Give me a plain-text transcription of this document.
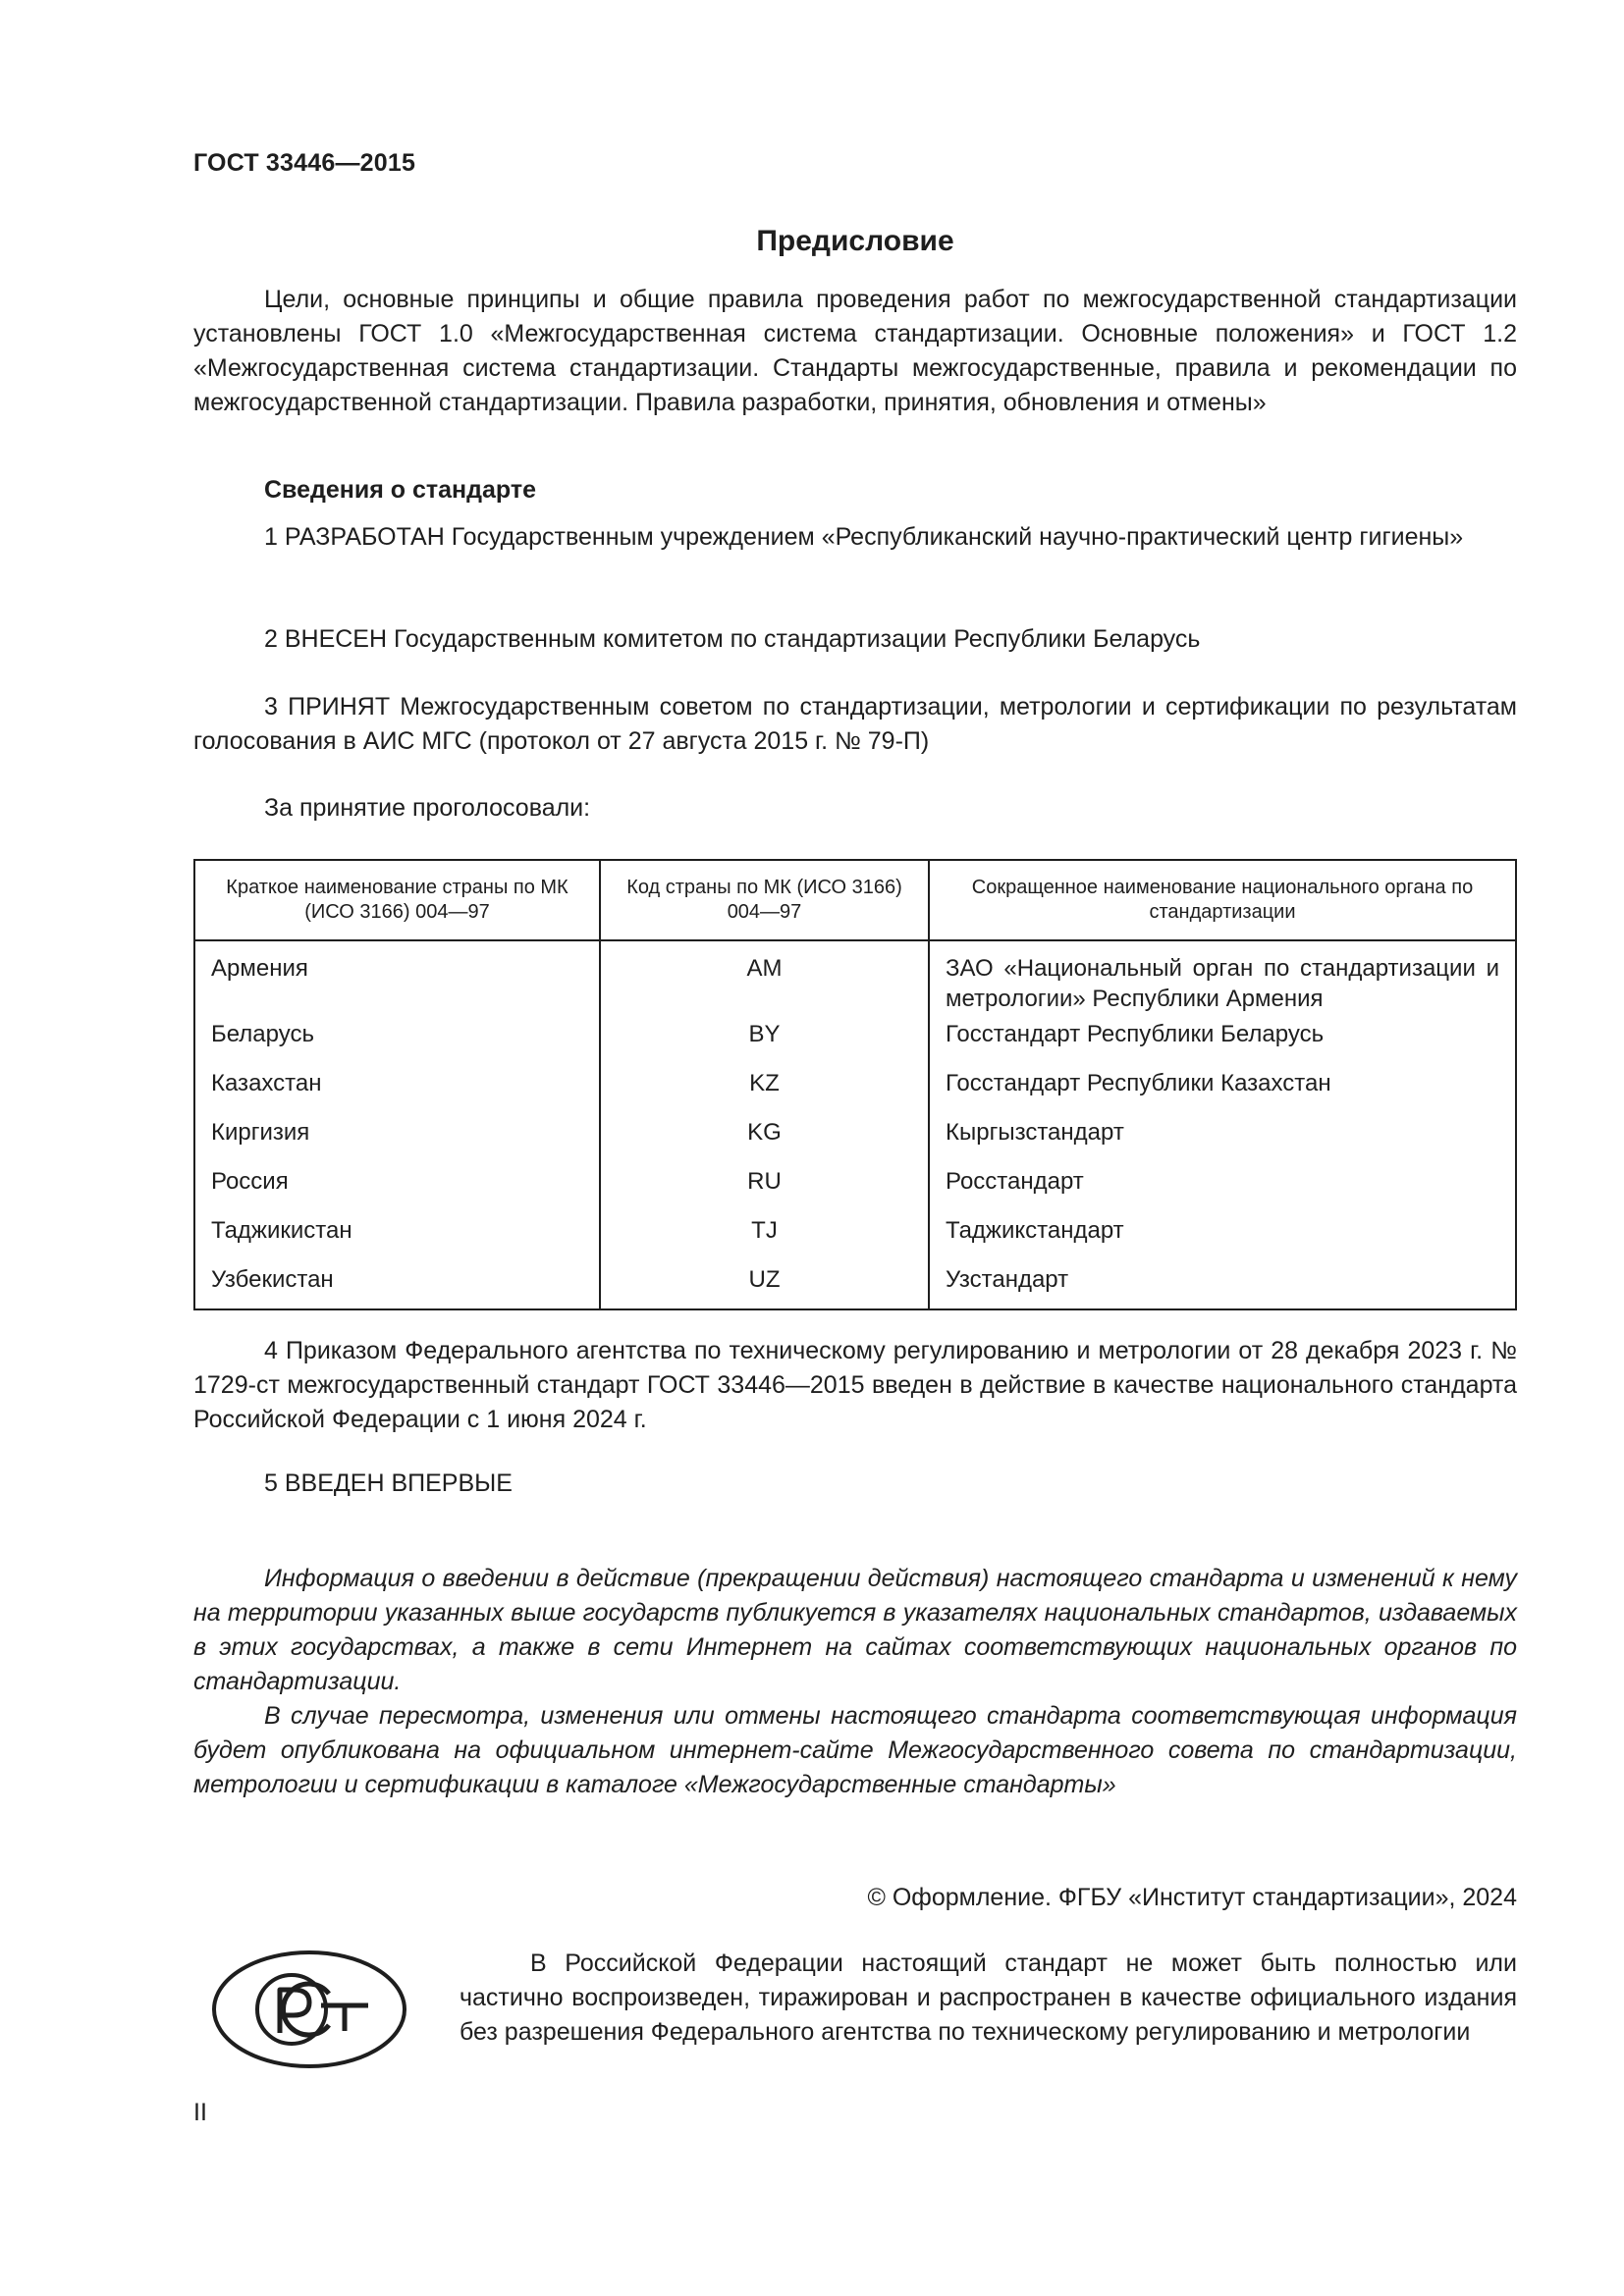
ГОСТ 33446—2015
Предисловие

Цели, основные принципы и общие правила проведения работ по межгосударственной стандартизации установлены ГОСТ 1.0 «Межгосударственная система стандартизации. Основные положения» и ГОСТ 1.2 «Межгосударственная система стандартизации. Стандарты межгосударственные, правила и рекомендации по межгосударственной стандартизации. Правила разработки, принятия, обновления и отмены»

Сведения о стандарте

1 РАЗРАБОТАН Государственным учреждением «Республиканский научно-практический центр гигиены»

2 ВНЕСЕН Государственным комитетом по стандартизации Республики Беларусь

3 ПРИНЯТ Межгосударственным советом по стандартизации, метрологии и сертификации по результатам голосования в АИС МГС (протокол от 27 августа 2015 г. № 79-П)

За принятие проголосовали:

Краткое наименование страны по МК (ИСО 3166) 004—97	Код страны по МК (ИСО 3166) 004—97	Сокращенное наименование национального органа по стандартизации
Армения	AM	ЗАО «Национальный орган по стандартизации и метрологии» Республики Армения
Беларусь	BY	Госстандарт Республики Беларусь
Казахстан	KZ	Госстандарт Республики Казахстан
Киргизия	KG	Кыргызстандарт
Россия	RU	Росстандарт
Таджикистан	TJ	Таджикстандарт
Узбекистан	UZ	Узстандарт

4 Приказом Федерального агентства по техническому регулированию и метрологии от 28 декабря 2023 г. № 1729-ст межгосударственный стандарт ГОСТ 33446—2015 введен в действие в качестве национального стандарта Российской Федерации с 1 июня 2024 г.

5 ВВЕДЕН ВПЕРВЫЕ

Информация о введении в действие (прекращении действия) настоящего стандарта и изменений к нему на территории указанных выше государств публикуется в указателях национальных стандартов, издаваемых в этих государствах, а также в сети Интернет на сайтах соответствующих национальных органов по стандартизации.

В случае пересмотра, изменения или отмены настоящего стандарта соответствующая информация будет опубликована на официальном интернет-сайте Межгосударственного совета по стандартизации, метрологии и сертификации в каталоге «Межгосударственные стандарты»

© Оформление. ФГБУ «Институт стандартизации», 2024

В Российской Федерации настоящий стандарт не может быть полностью или частично воспроизведен, тиражирован и распространен в качестве официального издания без разрешения Федерального агентства по техническому регулированию и метрологии

II
